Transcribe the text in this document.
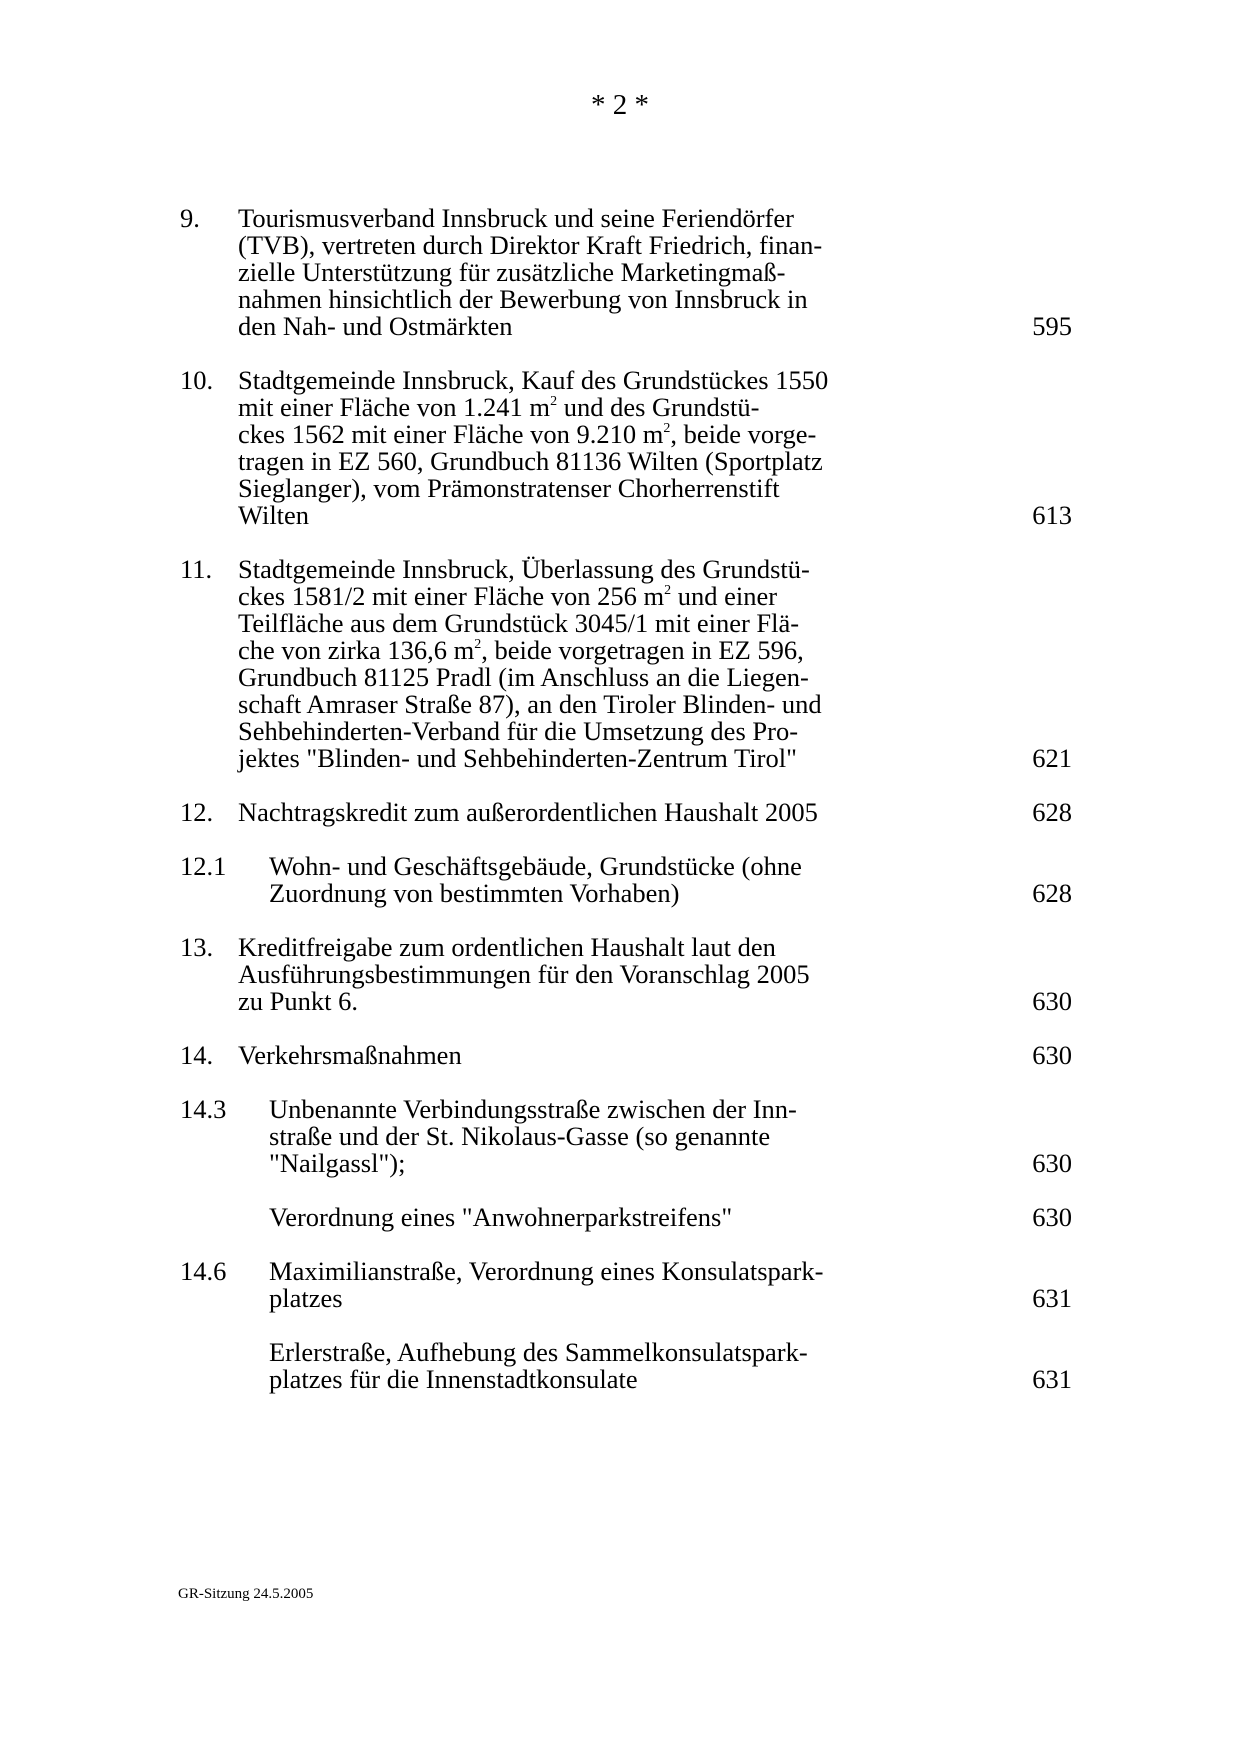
* 2 *
9. Tourismusverband Innsbruck und seine Feriendörfer
(TVB), vertreten durch Direktor Kraft Friedrich, finan-
zielle Unterstützung für zusätzliche Marketingmaß-
nahmen hinsichtlich der Bewerbung von Innsbruck in
den Nah- und Ostmärkten	595
10. Stadtgemeinde Innsbruck, Kauf des Grundstückes 1550
mit einer Fläche von 1.241 $m^2$ und des Grundstü-
ckes 1562 mit einer Fläche von 9.210 $m^2$, beide vorge-
tragen in EZ 560, Grundbuch 81136 Wilten (Sportplatz
Sieglanger), vom Prämonstratenser Chorherrenstift
Wilten	613
11. Stadtgemeinde Innsbruck, Überlassung des Grundstü-
ckes 1581/2 mit einer Fläche von 256 $m^2$ und einer
Teilfläche aus dem Grundstück 3045/1 mit einer Flä-
che von zirka 136,6 $m^2$, beide vorgetragen in EZ 596,
Grundbuch 81125 Pradl (im Anschluss an die Liegen-
schaft Amraser Straße 87), an den Tiroler Blinden- und
Sehbehinderten-Verband für die Umsetzung des Pro-
jektes "Blinden- und Sehbehinderten-Zentrum Tirol"	621
12. Nachtragskredit zum außerordentlichen Haushalt 2005	628
12.1 Wohn- und Geschäftsgebäude, Grundstücke (ohne
Zuordnung von bestimmten Vorhaben)	628
13. Kreditfreigabe zum ordentlichen Haushalt laut den
Ausführungsbestimmungen für den Voranschlag 2005
zu Punkt 6.	630
14. Verkehrsmaßnahmen	630
14.3 Unbenannte Verbindungsstraße zwischen der Inn-
straße und der St. Nikolaus-Gasse (so genannte
"Nailgassl");	630
Verordnung eines "Anwohnerparkstreifens"	630
14.6 Maximilianstraße, Verordnung eines Konsulatspark-
platzes	631
Erlerstraße, Aufhebung des Sammelkonsulatspark-
platzes für die Innenstadtkonsulate	631
GR-Sitzung 24.5.2005
